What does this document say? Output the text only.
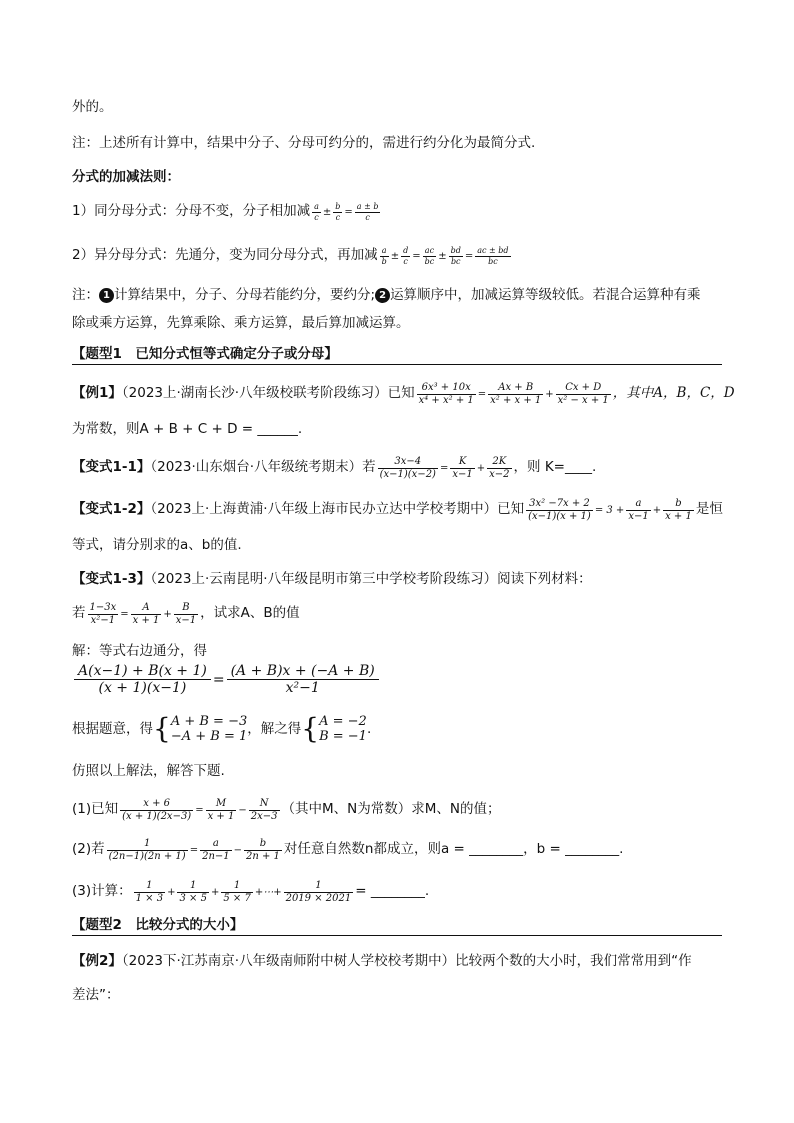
外的。
注：上述所有计算中，结果中分子、分母可约分的，需进行约分化为最简分式.
分式的加减法则：
1）同分母分式：分母不变，分子相加减 $\frac{a}{c} \pm \frac{b}{c} = \frac{a \pm b}{c}$
2）异分母分式：先通分，变为同分母分式，再加减 $\frac{a}{b} \pm \frac{d}{c} = \frac{ac}{bc} \pm \frac{bd}{bc} = \frac{ac \pm bd}{bc}$
注： 1 计算结果中，分子、分母若能约分，要约分; 2 运算顺序中，加减运算等级较低。若混合运算种有乘
除或乘方运算，先算乘除、乘方运算，最后算加减运算。
【题型1　已知分式恒等式确定分子或分母】
【例1】（2023上·湖南长沙·八年级校联考阶段练习）已知 $\frac{\text{6x³ + 10x}}{\text{x⁴ + x² + 1}} = \frac{Ax + B}{\text{x² + x + 1}} + \frac{Cx + D}{\text{x² − x + 1}}$ ，其中A，B，C，D
为常数，则A + B + C + D = ______.
【变式1-1】（2023·山东烟台·八年级统考期末）若 $\frac{3x-4}{(x-1)(x-2)} = \frac{K}{x-1} + \frac{2K}{x-2}$ ，则 K=____.
【变式1-2】（2023上·上海黄浦·八年级上海市民办立达中学校考期中）已知 $\frac{\text{3x² −7x + 2}}{(x-1)(x + 1)} = 3 + \frac{a}{x-1} + \frac{b}{x + 1}$ 是恒
等式，请分别求的a、b的值.
【变式1-3】（2023上·云南昆明·八年级昆明市第三中学校考阶段练习）阅读下列材料：
若 $\frac{1-3x}{\text{x²−1}} = \frac{A}{x + 1} + \frac{B}{x-1}$ ，试求A、B的值
解：等式右边通分，得
$\frac{A(x-1) + B(x + 1)}{(x + 1)(x-1)} = \frac{(A + B)x + (-A + B)}{\text{x²−1}}$
根据题意，得{A + B = −3
−A + B = 1，解之得{A = −2
B = −1.
仿照以上解法，解答下题.
(1)已知 $\frac{x + 6}{(x + 1)(2x-3)} = \frac{M}{x + 1} - \frac{N}{2x-3}$ （其中M、N为常数）求M、N的值；
(2)若 $\frac{1}{(2n-1)(2n + 1)} = \frac{a}{2n-1} - \frac{b}{2n + 1}$ 对任意自然数n都成立，则a = ________，b = ________.
(3)计算： $\frac{1}{1 \times 3} + \frac{1}{3 \times 5} + \frac{1}{5 \times 7}$ +⋯+ $\frac{1}{2019 \times 2021}$ = ________.
【题型2　比较分式的大小】
【例2】（2023下·江苏南京·八年级南师附中树人学校校考期中）比较两个数的大小时，我们常常用到“作
差法”：
